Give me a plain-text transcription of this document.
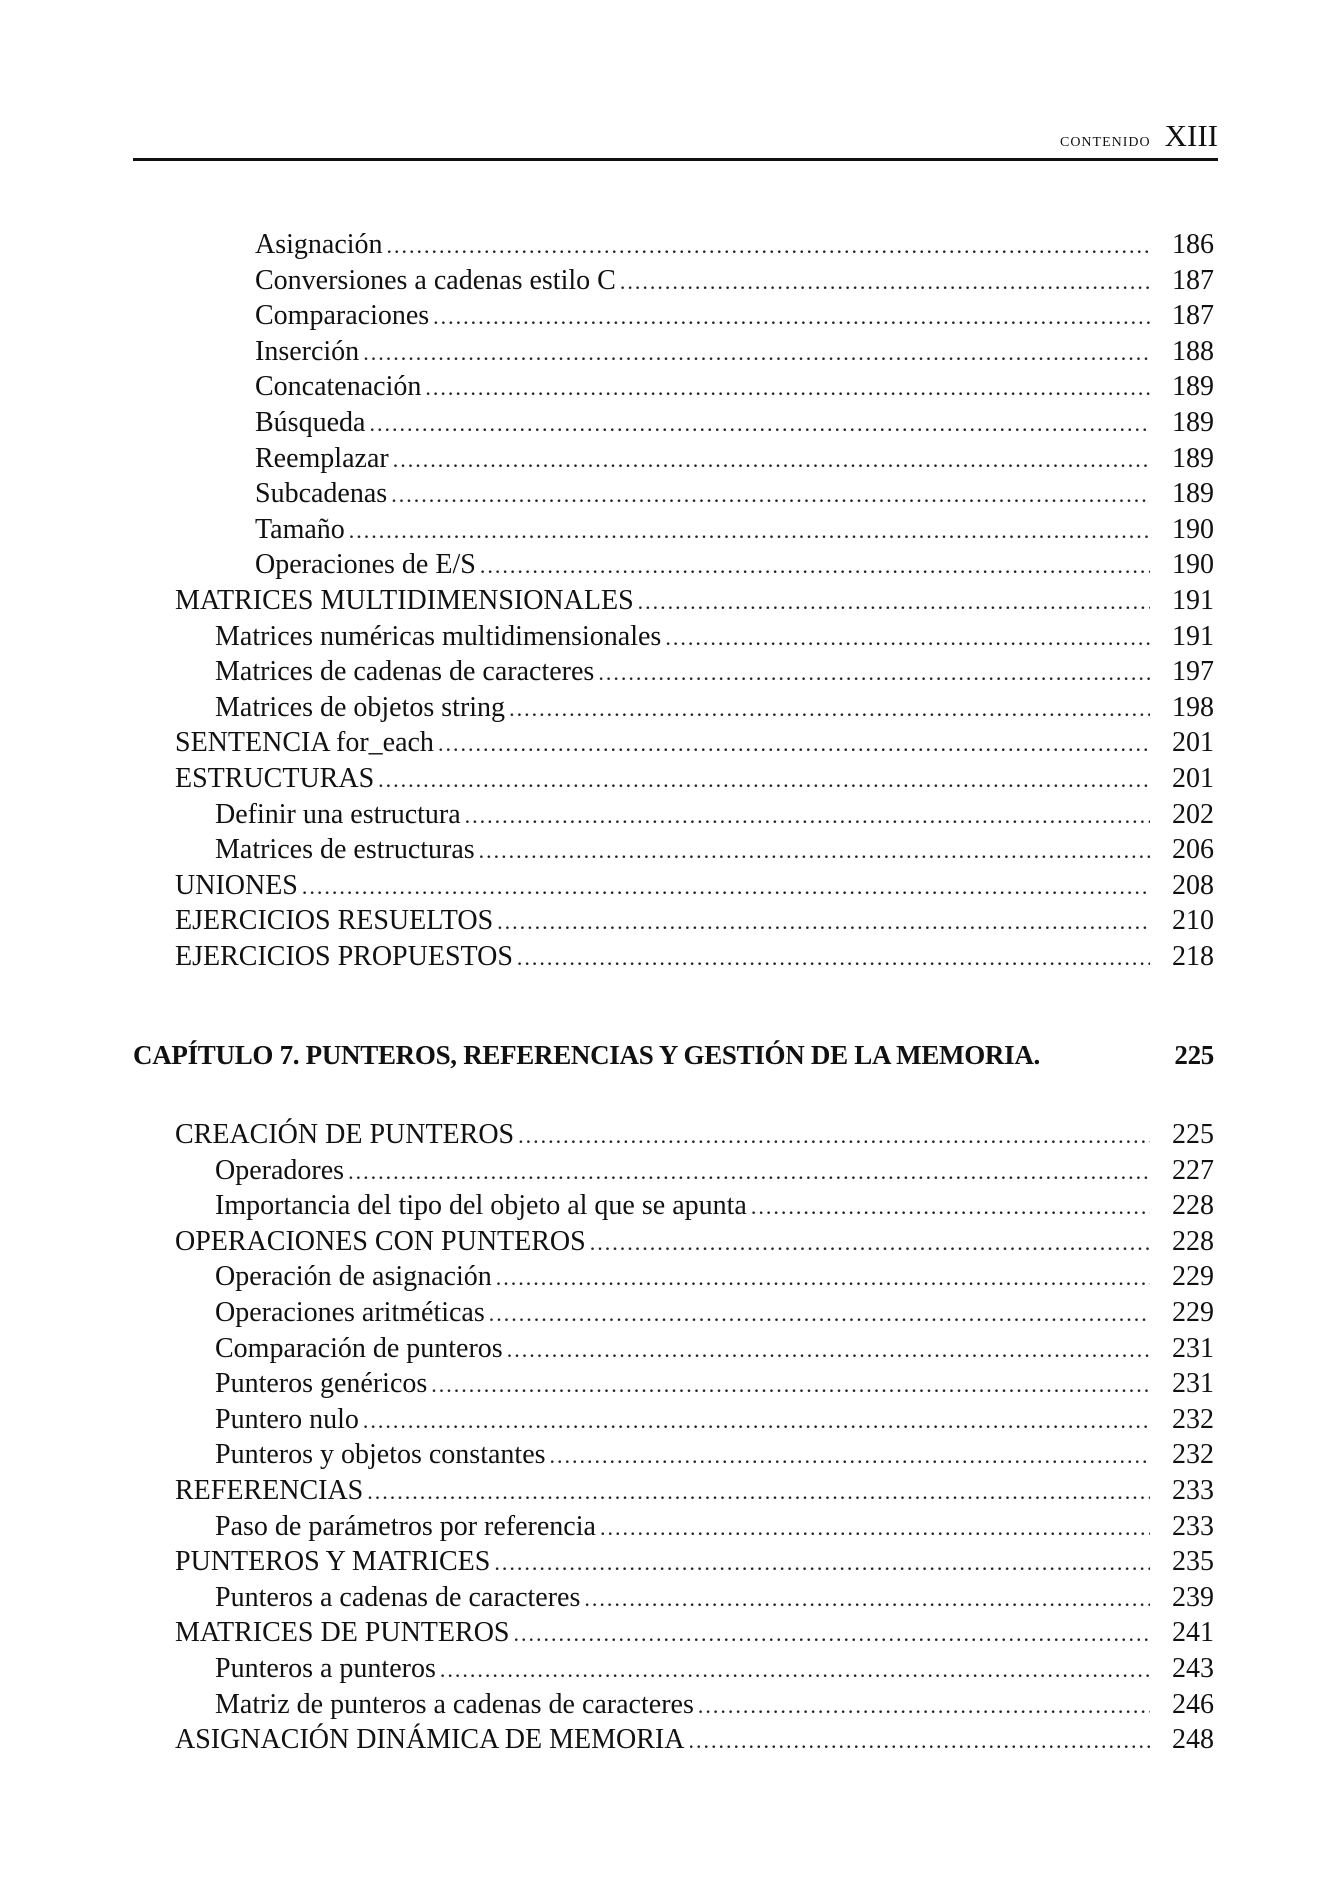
contenido XIII
Asignación .....	186
Conversiones a cadenas estilo C .....	187
Comparaciones .....	187
Inserción .....	188
Concatenación .....	189
Búsqueda .....	189
Reemplazar .....	189
Subcadenas .....	189
Tamaño .....	190
Operaciones de E/S .....	190
MATRICES MULTIDIMENSIONALES .....	191
Matrices numéricas multidimensionales .....	191
Matrices de cadenas de caracteres .....	197
Matrices de objetos string .....	198
SENTENCIA for_each .....	201
ESTRUCTURAS .....	201
Definir una estructura .....	202
Matrices de estructuras .....	206
UNIONES .....	208
EJERCICIOS RESUELTOS .....	210
EJERCICIOS PROPUESTOS .....	218
CAPÍTULO 7. PUNTEROS, REFERENCIAS Y GESTIÓN DE LA MEMORIA.	225
CREACIÓN DE PUNTEROS .....	225
Operadores .....	227
Importancia del tipo del objeto al que se apunta .....	228
OPERACIONES CON PUNTEROS .....	228
Operación de asignación .....	229
Operaciones aritméticas .....	229
Comparación de punteros .....	231
Punteros genéricos .....	231
Puntero nulo .....	232
Punteros y objetos constantes .....	232
REFERENCIAS .....	233
Paso de parámetros por referencia .....	233
PUNTEROS Y MATRICES .....	235
Punteros a cadenas de caracteres .....	239
MATRICES DE PUNTEROS .....	241
Punteros a punteros .....	243
Matriz de punteros a cadenas de caracteres .....	246
ASIGNACIÓN DINÁMICA DE MEMORIA .....	248
